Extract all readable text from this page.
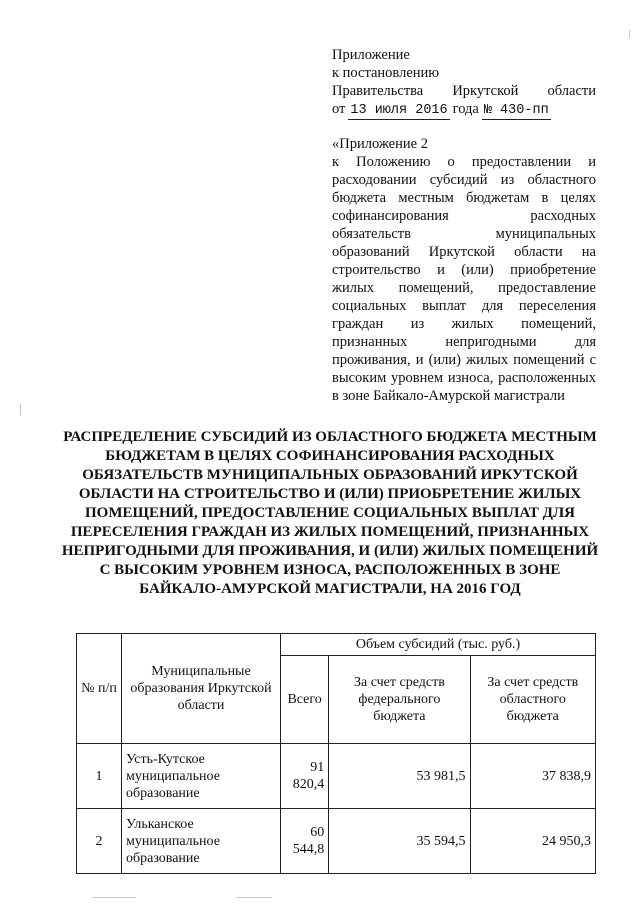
Приложение
к постановлению
Правительства Иркутской области
от 13 июля 2016 года № 430-пп
«Приложение 2
к Положению о предоставлении и расходовании субсидий из областного бюджета местным бюджетам в целях софинансирования расходных обязательств муниципальных образований Иркутской области на строительство и (или) приобретение жилых помещений, предоставление социальных выплат для переселения граждан из жилых помещений, признанных непригодными для проживания, и (или) жилых помещений с высоким уровнем износа, расположенных в зоне Байкало-Амурской магистрали
РАСПРЕДЕЛЕНИЕ СУБСИДИЙ ИЗ ОБЛАСТНОГО БЮДЖЕТА МЕСТНЫМ БЮДЖЕТАМ В ЦЕЛЯХ СОФИНАНСИРОВАНИЯ РАСХОДНЫХ ОБЯЗАТЕЛЬСТВ МУНИЦИПАЛЬНЫХ ОБРАЗОВАНИЙ ИРКУТСКОЙ ОБЛАСТИ НА СТРОИТЕЛЬСТВО И (ИЛИ) ПРИОБРЕТЕНИЕ ЖИЛЫХ ПОМЕЩЕНИЙ, ПРЕДОСТАВЛЕНИЕ СОЦИАЛЬНЫХ ВЫПЛАТ ДЛЯ ПЕРЕСЕЛЕНИЯ ГРАЖДАН ИЗ ЖИЛЫХ ПОМЕЩЕНИЙ, ПРИЗНАННЫХ НЕПРИГОДНЫМИ ДЛЯ ПРОЖИВАНИЯ, И (ИЛИ) ЖИЛЫХ ПОМЕЩЕНИЙ С ВЫСОКИМ УРОВНЕМ ИЗНОСА, РАСПОЛОЖЕННЫХ В ЗОНЕ БАЙКАЛО-АМУРСКОЙ МАГИСТРАЛИ, НА 2016 ГОД
№ п/п	Муниципальные образования Иркутской области	Объем субсидий (тыс. руб.)		
		Всего	За счет средств федерального бюджета	За счет средств областного бюджета
1	Усть-Кутское муниципальное образование	91 820,4	53 981,5	37 838,9
2	Ульканское муниципальное образование	60 544,8	35 594,5	24 950,3
